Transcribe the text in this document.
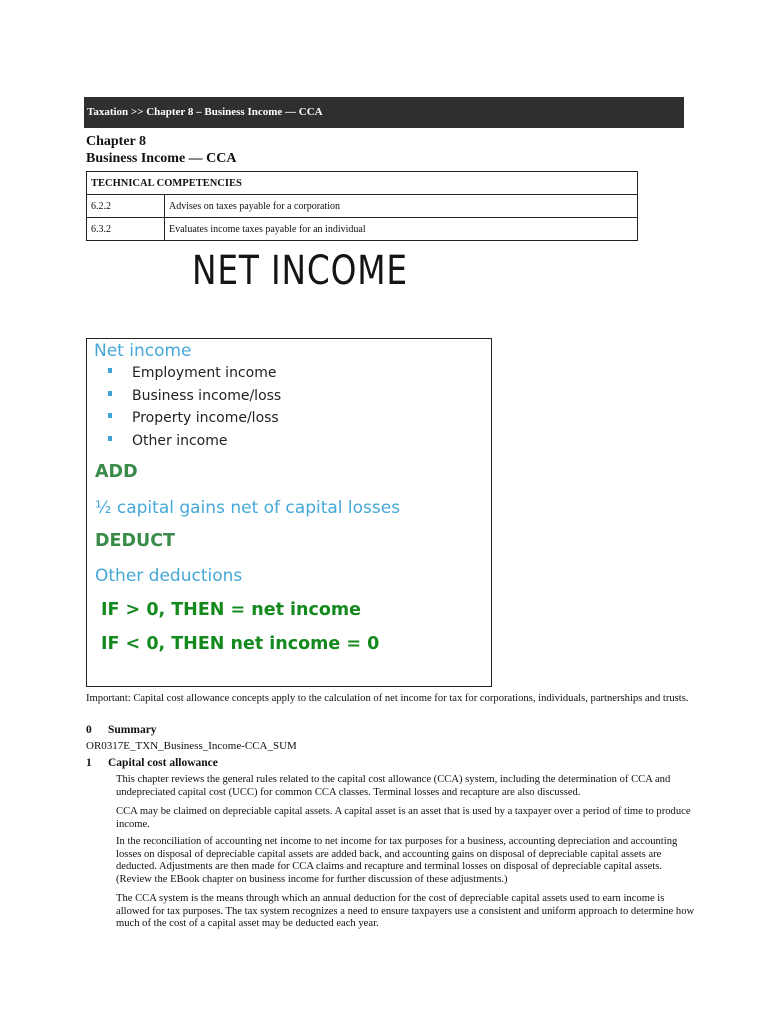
Taxation >> Chapter 8 – Business Income — CCA
Chapter 8
Business Income — CCA
TECHNICAL COMPETENCIES	
6.2.2	Advises on taxes payable for a corporation
6.3.2	Evaluates income taxes payable for an individual
NET INCOME
Net income
Employment income
Business income/loss
Property income/loss
Other income
ADD
½ capital gains net of capital losses
DEDUCT
Other deductions
IF > 0, THEN = net income
IF < 0, THEN net income = 0
Important: Capital cost allowance concepts apply to the calculation of net income for tax for corporations, individuals, partnerships and trusts.
0 Summary
OR0317E_TXN_Business_Income-CCA_SUM
1 Capital cost allowance
This chapter reviews the general rules related to the capital cost allowance (CCA) system, including the determination of CCA and undepreciated capital cost (UCC) for common CCA classes. Terminal losses and recapture are also discussed.
CCA may be claimed on depreciable capital assets. A capital asset is an asset that is used by a taxpayer over a period of time to produce income.
In the reconciliation of accounting net income to net income for tax purposes for a business, accounting depreciation and accounting losses on disposal of depreciable capital assets are added back, and accounting gains on disposal of depreciable capital assets are deducted. Adjustments are then made for CCA claims and recapture and terminal losses on disposal of depreciable capital assets. (Review the EBook chapter on business income for further discussion of these adjustments.)
The CCA system is the means through which an annual deduction for the cost of depreciable capital assets used to earn income is allowed for tax purposes. The tax system recognizes a need to ensure taxpayers use a consistent and uniform approach to determine how much of the cost of a capital asset may be deducted each year.
